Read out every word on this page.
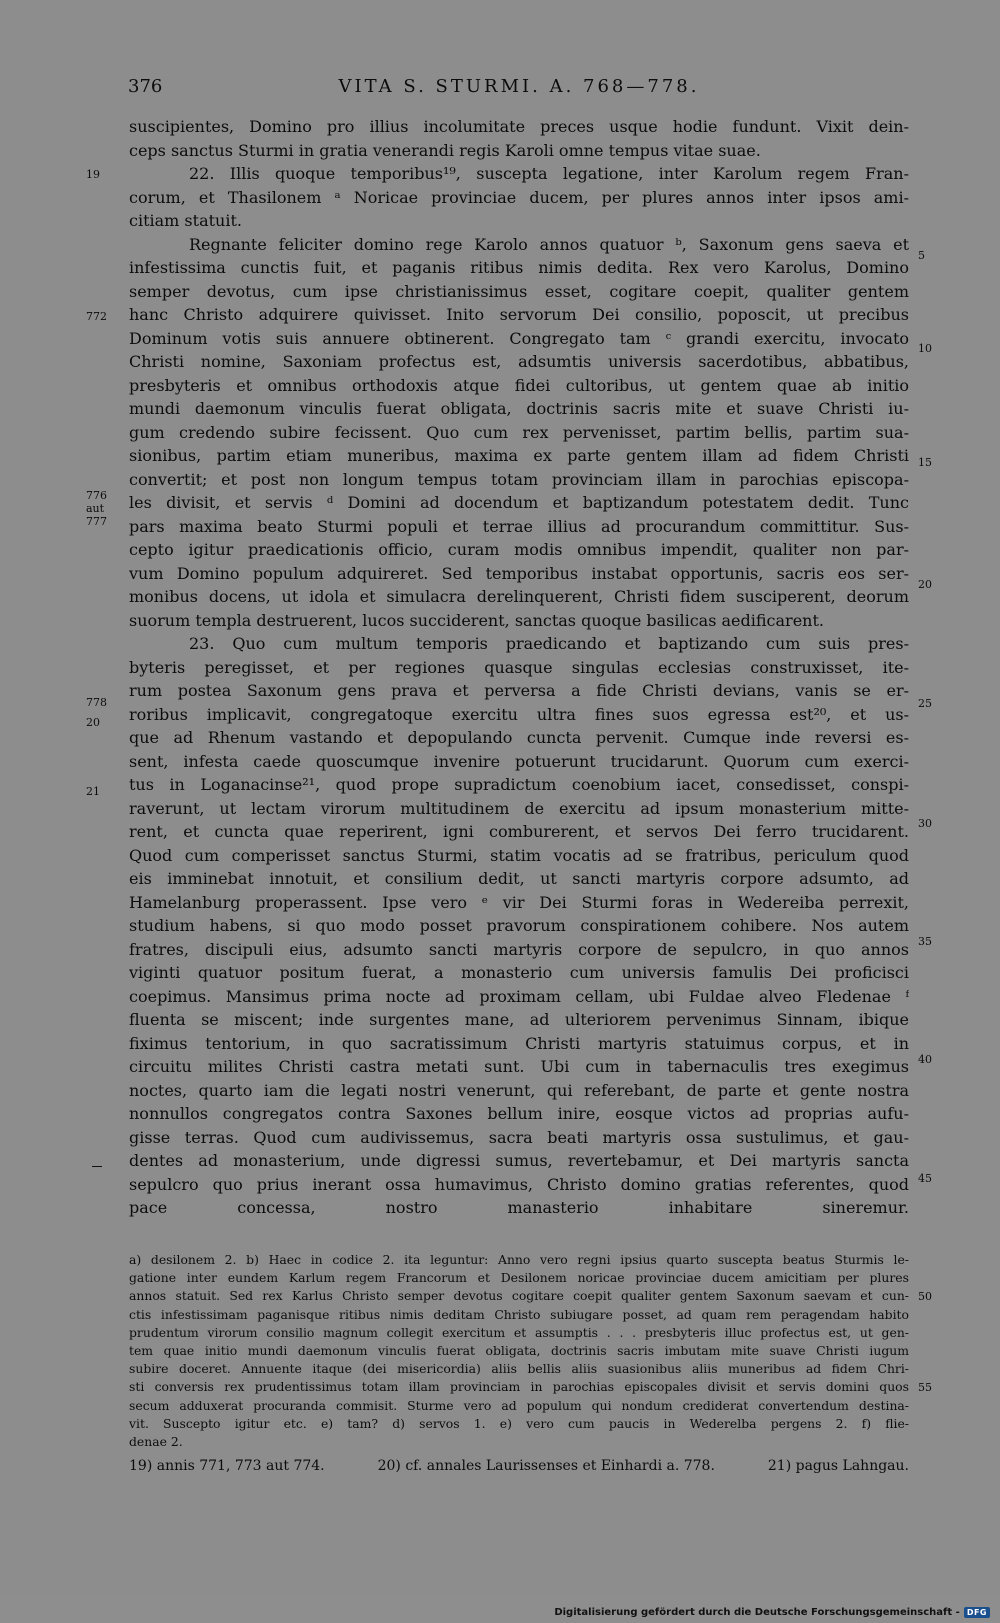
376	VITA S. STURMI. A. 768—778.
suscipientes, Domino pro illius incolumitate preces usque hodie fundunt. Vixit dein-
ceps sanctus Sturmi in gratia venerandi regis Karoli omne tempus vitae suae.
22. Illis quoque temporibus¹⁹, suscepta legatione, inter Karolum regem Fran-
corum, et Thasilonem ᵃ Noricae provinciae ducem, per plures annos inter ipsos ami-
citiam statuit.
Regnante feliciter domino rege Karolo annos quatuor ᵇ, Saxonum gens saeva et
infestissima cunctis fuit, et paganis ritibus nimis dedita. Rex vero Karolus, Domino
semper devotus, cum ipse christianissimus esset, cogitare coepit, qualiter gentem
hanc Christo adquirere quivisset. Inito servorum Dei consilio, poposcit, ut precibus
Dominum votis suis annuere obtinerent. Congregato tam ᶜ grandi exercitu, invocato
Christi nomine, Saxoniam profectus est, adsumtis universis sacerdotibus, abbatibus,
presbyteris et omnibus orthodoxis atque fidei cultoribus, ut gentem quae ab initio
mundi daemonum vinculis fuerat obligata, doctrinis sacris mite et suave Christi iu-
gum credendo subire fecissent. Quo cum rex pervenisset, partim bellis, partim sua-
sionibus, partim etiam muneribus, maxima ex parte gentem illam ad fidem Christi
convertit; et post non longum tempus totam provinciam illam in parochias episcopa-
les divisit, et servis ᵈ Domini ad docendum et baptizandum potestatem dedit. Tunc
pars maxima beato Sturmi populi et terrae illius ad procurandum committitur. Sus-
cepto igitur praedicationis officio, curam modis omnibus impendit, qualiter non par-
vum Domino populum adquireret. Sed temporibus instabat opportunis, sacris eos ser-
monibus docens, ut idola et simulacra derelinquerent, Christi fidem susciperent, deorum
suorum templa destruerent, lucos succiderent, sanctas quoque basilicas aedificarent.
23. Quo cum multum temporis praedicando et baptizando cum suis pres-
byteris peregisset, et per regiones quasque singulas ecclesias construxisset, ite-
rum postea Saxonum gens prava et perversa a fide Christi devians, vanis se er-
roribus implicavit, congregatoque exercitu ultra fines suos egressa est²⁰, et us-
que ad Rhenum vastando et depopulando cuncta pervenit. Cumque inde reversi es-
sent, infesta caede quoscumque invenire potuerunt trucidarunt. Quorum cum exerci-
tus in Loganacinse²¹, quod prope supradictum coenobium iacet, consedisset, conspi-
raverunt, ut lectam virorum multitudinem de exercitu ad ipsum monasterium mitte-
rent, et cuncta quae reperirent, igni comburerent, et servos Dei ferro trucidarent.
Quod cum comperisset sanctus Sturmi, statim vocatis ad se fratribus, periculum quod
eis imminebat innotuit, et consilium dedit, ut sancti martyris corpore adsumto, ad
Hamelanburg properassent. Ipse vero ᵉ vir Dei Sturmi foras in Wedereiba perrexit,
studium habens, si quo modo posset pravorum conspirationem cohibere. Nos autem
fratres, discipuli eius, adsumto sancti martyris corpore de sepulcro, in quo annos
viginti quatuor positum fuerat, a monasterio cum universis famulis Dei proficisci
coepimus. Mansimus prima nocte ad proximam cellam, ubi Fuldae alveo Fledenae ᶠ
fluenta se miscent; inde surgentes mane, ad ulteriorem pervenimus Sinnam, ibique
fiximus tentorium, in quo sacratissimum Christi martyris statuimus corpus, et in
circuitu milites Christi castra metati sunt. Ubi cum in tabernaculis tres exegimus
noctes, quarto iam die legati nostri venerunt, qui referebant, de parte et gente nostra
nonnullos congregatos contra Saxones bellum inire, eosque victos ad proprias aufu-
gisse terras. Quod cum audivissemus, sacra beati martyris ossa sustulimus, et gau-
dentes ad monasterium, unde digressi sumus, revertebamur, et Dei martyris sancta
sepulcro quo prius inerant ossa humavimus, Christo domino gratias referentes, quod
pace concessa, nostro manasterio inhabitare sineremur.
19
772
776
aut
777
778
20
21
5
10
15
20
25
30
35
40
45
50
55
a) desilonem 2. b) Haec in codice 2. ita leguntur: Anno vero regni ipsius quarto suscepta beatus Sturmis le-
gatione inter eundem Karlum regem Francorum et Desilonem noricae provinciae ducem amicitiam per plures
annos statuit. Sed rex Karlus Christo semper devotus cogitare coepit qualiter gentem Saxonum saevam et cun-
ctis infestissimam paganisque ritibus nimis deditam Christo subiugare posset, ad quam rem peragendam habito
prudentum virorum consilio magnum collegit exercitum et assumptis . . . presbyteris illuc profectus est, ut gen-
tem quae initio mundi daemonum vinculis fuerat obligata, doctrinis sacris imbutam mite suave Christi iugum
subire doceret. Annuente itaque (dei misericordia) aliis bellis aliis suasionibus aliis muneribus ad fidem Chri-
sti conversis rex prudentissimus totam illam provinciam in parochias episcopales divisit et servis domini quos
secum adduxerat procuranda commisit. Sturme vero ad populum qui nondum crediderat convertendum destina-
vit. Suscepto igitur etc. e) tam? d) servos 1. e) vero cum paucis in Wederelba pergens 2. f) flie-
denae 2.
19) annis 771, 773 aut 774.	20) cf. annales Laurissenses et Einhardi a. 778.	21) pagus Lahngau.
Digitalisierung gefördert durch die Deutsche Forschungsgemeinschaft - DFG
